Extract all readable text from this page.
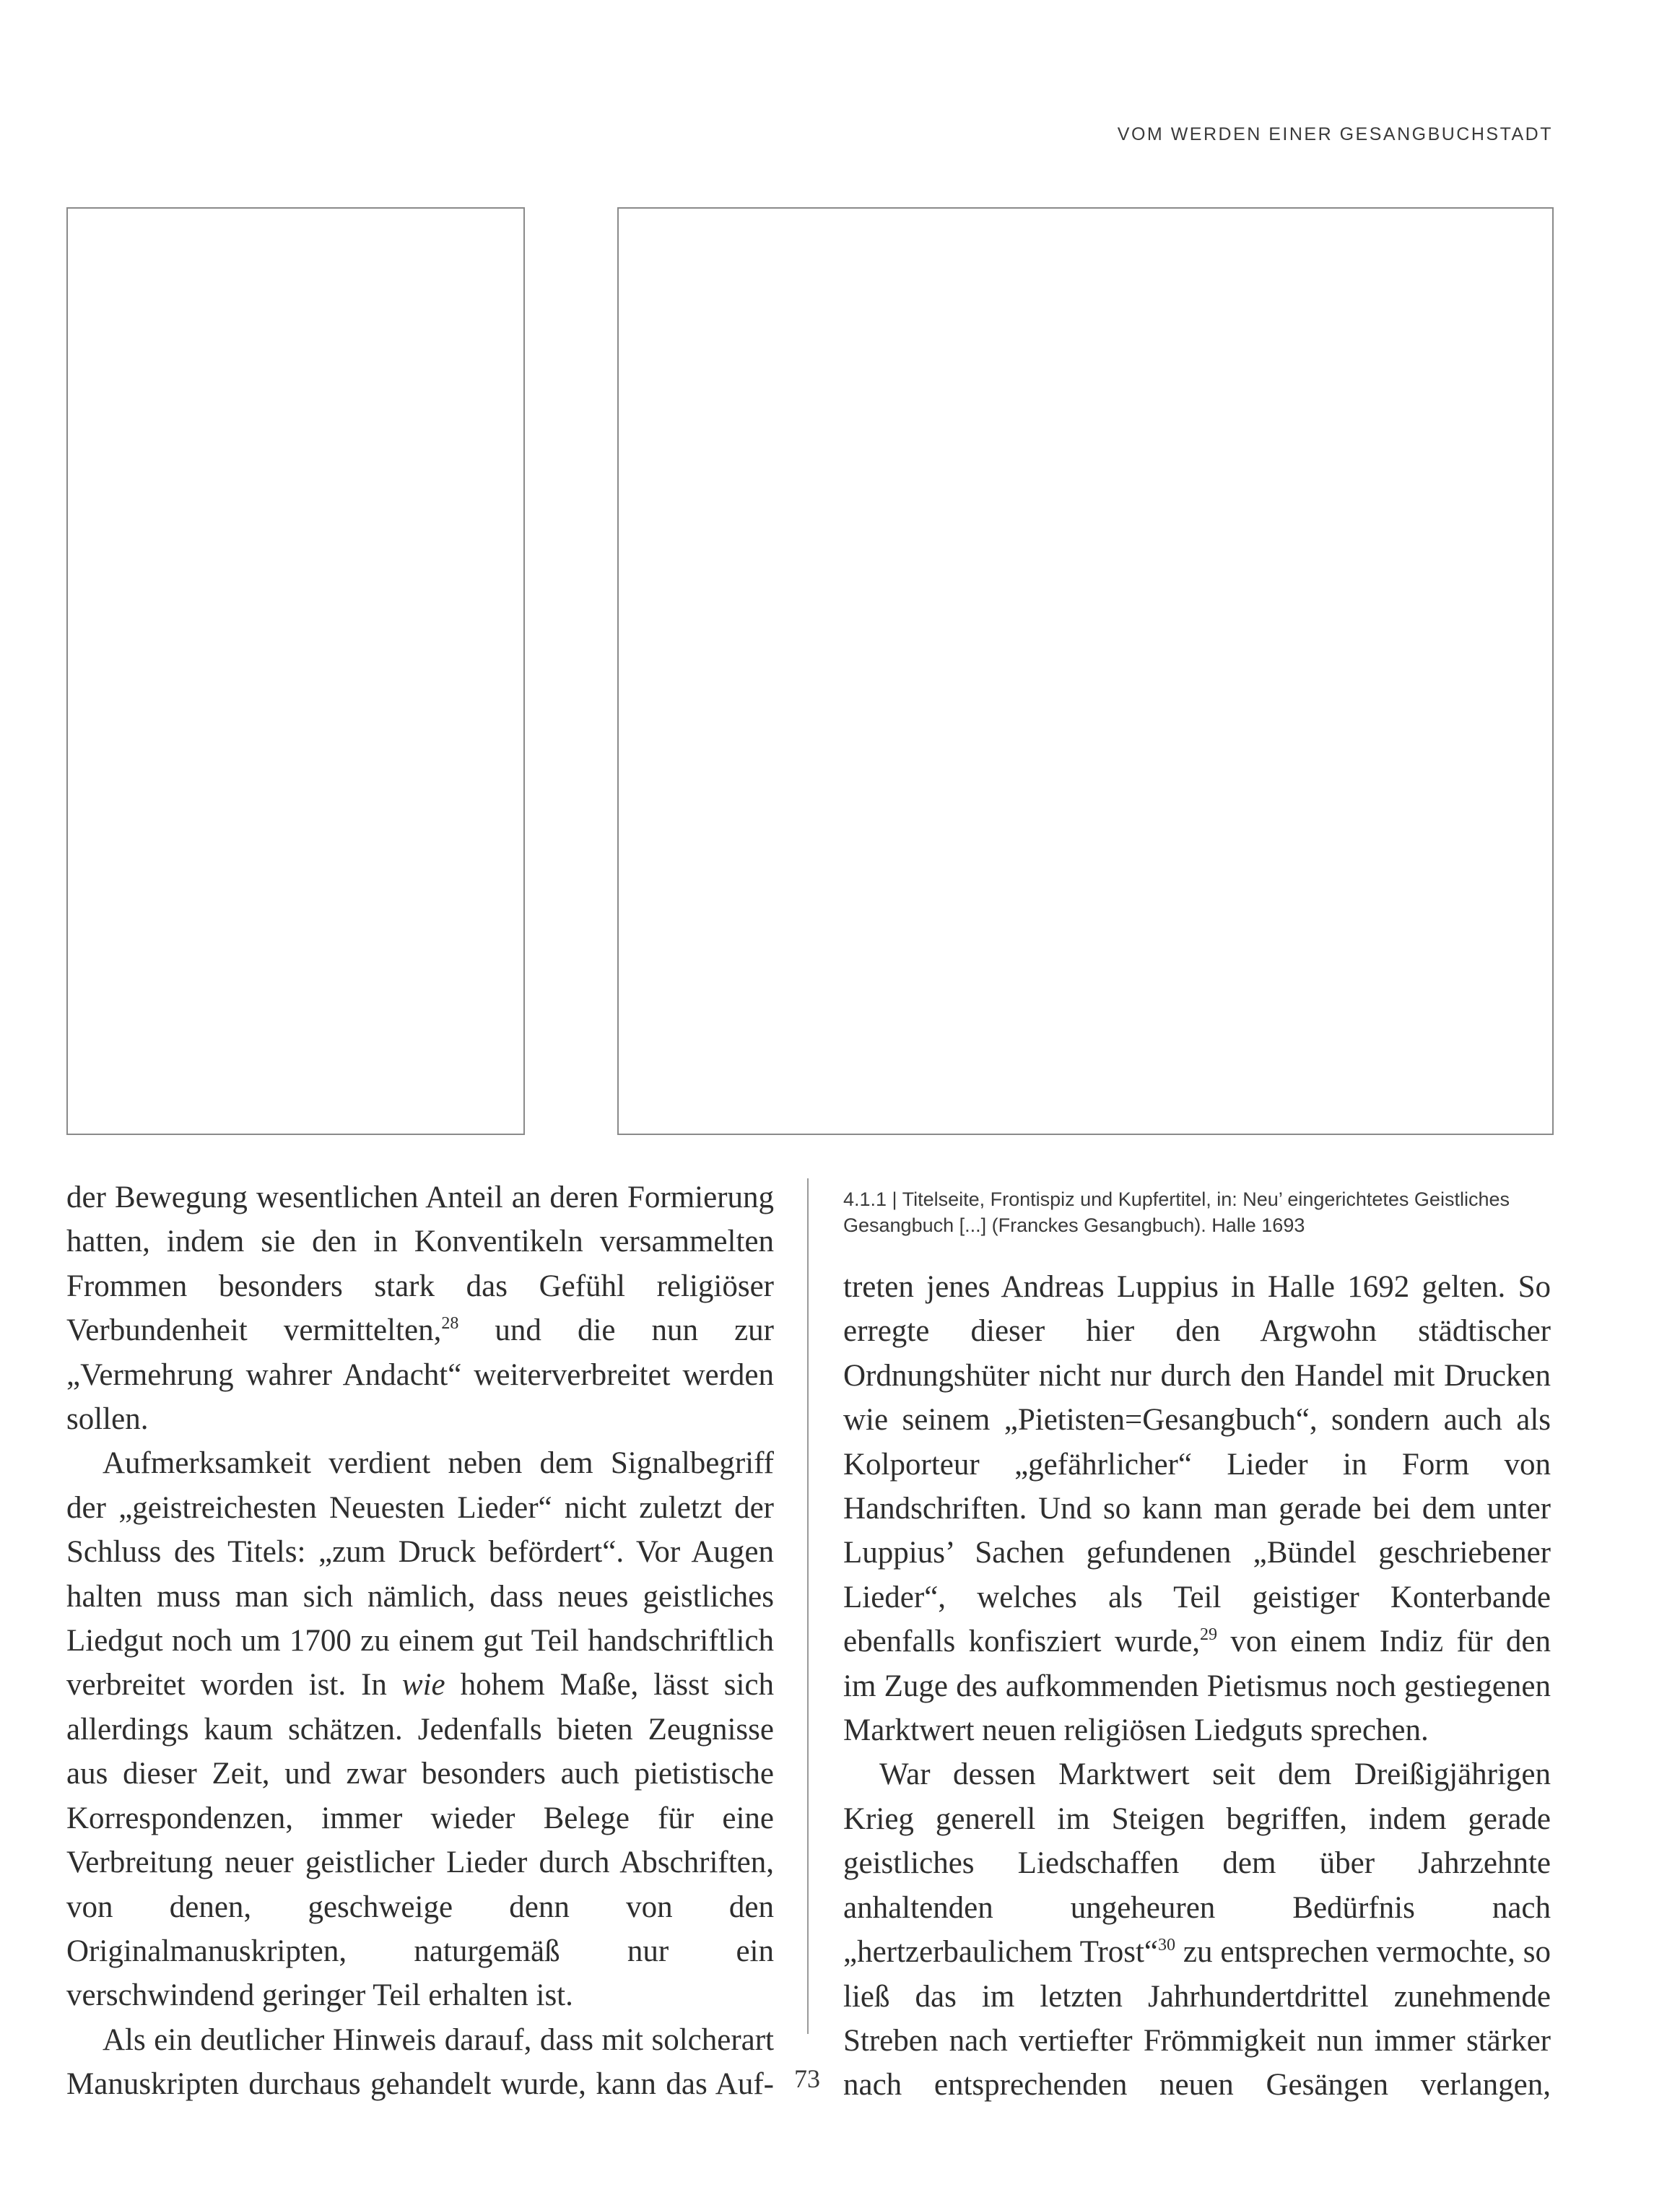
VOM WERDEN EINER GESANGBUCHSTADT

der Bewegung wesentlichen Anteil an deren Formierung hatten, indem sie den in Konventikeln versammelten Frommen besonders stark das Gefühl religiöser Verbundenheit vermittelten,$^{28}$ und die nun zur „Vermehrung wahrer Andacht“ weiterverbreitet werden sollen.

Aufmerksamkeit verdient neben dem Signalbegriff der „geistreichesten Neuesten Lieder“ nicht zuletzt der Schluss des Titels: „zum Druck befördert“. Vor Augen halten muss man sich nämlich, dass neues geistliches Liedgut noch um 1700 zu einem gut Teil handschriftlich verbreitet worden ist. In wie hohem Maße, lässt sich allerdings kaum schätzen. Jedenfalls bieten Zeugnisse aus dieser Zeit, und zwar besonders auch pietistische Korrespondenzen, immer wieder Belege für eine Verbreitung neuer geistlicher Lieder durch Abschriften, von denen, geschweige denn von den Originalmanuskripten, naturgemäß nur ein verschwindend geringer Teil erhalten ist.

Als ein deutlicher Hinweis darauf, dass mit solcherart Manuskripten durchaus gehandelt wurde, kann das Auf-

4.1.1 | Titelseite, Frontispiz und Kupfertitel, in: Neu’ eingerichtetes Geistliches Gesangbuch [...] (Franckes Gesangbuch). Halle 1693

treten jenes Andreas Luppius in Halle 1692 gelten. So erregte dieser hier den Argwohn städtischer Ordnungshüter nicht nur durch den Handel mit Drucken wie seinem „Pietisten=Gesangbuch“, sondern auch als Kolporteur „gefährlicher“ Lieder in Form von Handschriften. Und so kann man gerade bei dem unter Luppius’ Sachen gefundenen „Bündel geschriebener Lieder“, welches als Teil geistiger Konterbande ebenfalls konfisziert wurde,$^{29}$ von einem Indiz für den im Zuge des aufkommenden Pietismus noch gestiegenen Marktwert neuen religiösen Liedguts sprechen.

War dessen Marktwert seit dem Dreißigjährigen Krieg generell im Steigen begriffen, indem gerade geistliches Liedschaffen dem über Jahrzehnte anhaltenden ungeheuren Bedürfnis nach „hertzerbaulichem Trost“$^{30}$ zu entsprechen vermochte, so ließ das im letzten Jahrhundertdrittel zunehmende Streben nach vertiefter Frömmigkeit nun immer stärker nach entsprechenden neuen Gesängen verlangen,

73
